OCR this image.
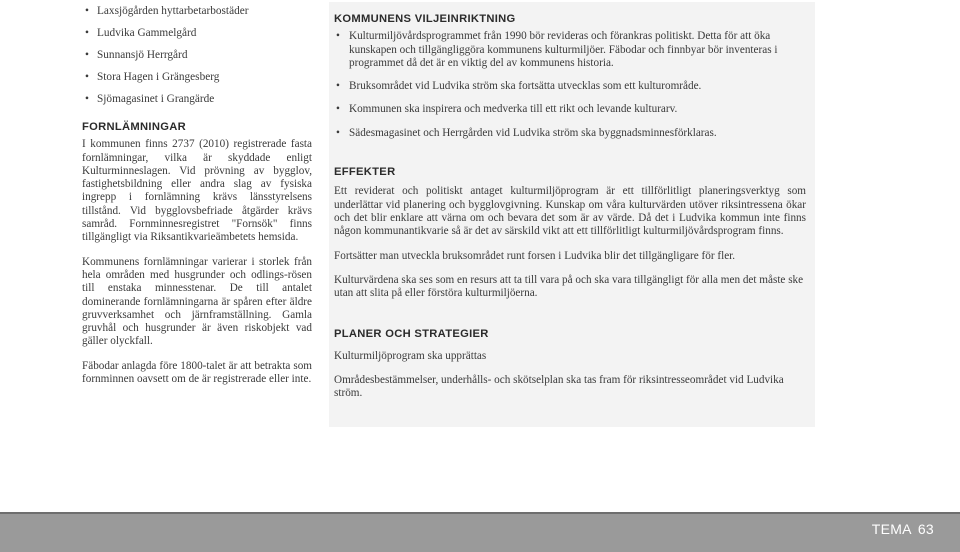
• Laxsjögården hyttarbetarbostäder
• Ludvika Gammelgård
• Sunnansjö Herrgård
• Stora Hagen i Grängesberg
• Sjömagasinet i Grangärde
FORNLÄMNINGAR

I kommunen finns 2737 (2010) registrerade fasta fornlämningar, vilka är skyddade enligt Kulturminneslagen. Vid prövning av bygglov, fastighetsbildning eller andra slag av fysiska ingrepp i fornlämning krävs länsstyrelsens tillstånd. Vid bygglovsbefriade åtgärder krävs samråd. Fornminnesregistret "Fornsök" finns tillgängligt via Riksantikvarieämbetets hemsida.

Kommunens fornlämningar varierar i storlek från hela områden med husgrunder och odlings-rösen till enstaka minnesstenar. De till antalet dominerande fornlämningarna är spåren efter äldre gruvverksamhet och järnframställning. Gamla gruvhål och husgrunder är även riskobjekt vad gäller olyckfall.

Fäbodar anlagda före 1800-talet är att betrakta som fornminnen oavsett om de är registrerade eller inte.

KOMMUNENS VILJEINRIKTNING
• Kulturmiljövårdsprogrammet från 1990 bör revideras och förankras politiskt. Detta för att öka kunskapen och tillgängliggöra kommunens kulturmiljöer. Fäbodar och finnbyar bör inventeras i programmet då det är en viktig del av kommunens historia.
• Bruksområdet vid Ludvika ström ska fortsätta utvecklas som ett kulturområde.
• Kommunen ska inspirera och medverka till ett rikt och levande kulturarv.
• Sädesmagasinet och Herrgården vid Ludvika ström ska byggnadsminnesförklaras.
EFFEKTER

Ett reviderat och politiskt antaget kulturmiljöprogram är ett tillförlitligt planeringsverktyg som underlättar vid planering och bygglovgivning. Kunskap om våra kulturvärden utöver riksintressena ökar och det blir enklare att värna om och bevara det som är av värde. Då det i Ludvika kommun inte finns någon kommunantikvarie så är det av särskild vikt att ett tillförlitligt kulturmiljövårdsprogram finns.

Fortsätter man utveckla bruksområdet runt forsen i Ludvika blir det tillgängligare för fler.

Kulturvärdena ska ses som en resurs att ta till vara på och ska vara tillgängligt för alla men det måste ske utan att slita på eller förstöra kulturmiljöerna.

PLANER OCH STRATEGIER

Kulturmiljöprogram ska upprättas

Områdesbestämmelser, underhålls- och skötselplan ska tas fram för riksintresseområdet vid Ludvika ström.

TEMA 63
